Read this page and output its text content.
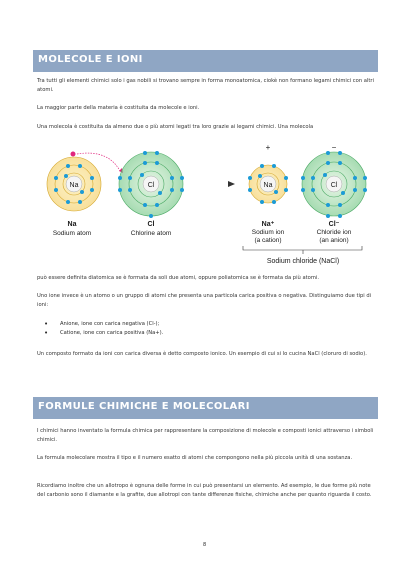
MOLECOLE E IONI
Tra tutti gli elementi chimici solo i gas nobili si trovano sempre in forma monoatomica, ciokè non formano legami chimici con altri atomi.
La maggior parte della materia è costituita da molecole e ioni.
Una molecola è costituita da almeno due o più atomi legati tra loro grazie ai legami chimici. Una molecola
Na	Cl
Na
Sodium atom
Cl
Chlorine atom
+
Na
−
Cl
Na⁺
Sodium ion
(a cation)
Cl⁻
Chloride ion
(an anion)
Sodium chloride (NaCl)
può essere definita diatomica se è formata da soli due atomi, oppure poliatomica se è formata da più atomi.
Uno ione invece è un atomo o un gruppo di atomi che presenta una particola carica positiva o negativa. Distinguiamo due tipi di ioni:
• Anione, ione con carica negativa (Cl-);
• Catione, ione con carica positiva (Na+).
Un composto formato da ioni con carica diversa è detto composto ionico. Un esempio di cui si lo cucina NaCl (cloruro di sodio).
FORMULE CHIMICHE E MOLECOLARI
I chimici hanno inventato la formula chimica per rappresentare la composizione di molecole e composti ionici attraverso i simboli chimici.
La formula molecolare mostra il tipo e il numero esatto di atomi che compongono nella più piccola unità di una sostanza.
Ricordiamo inoltre che un allotropo è ognuna delle forme in cui può presentarsi un elemento. Ad esempio, le due forme più note del carbonio sono il diamante e la grafite, due allotropi con tante differenze fisiche, chimiche anche per quanto riguarda il costo.
8
